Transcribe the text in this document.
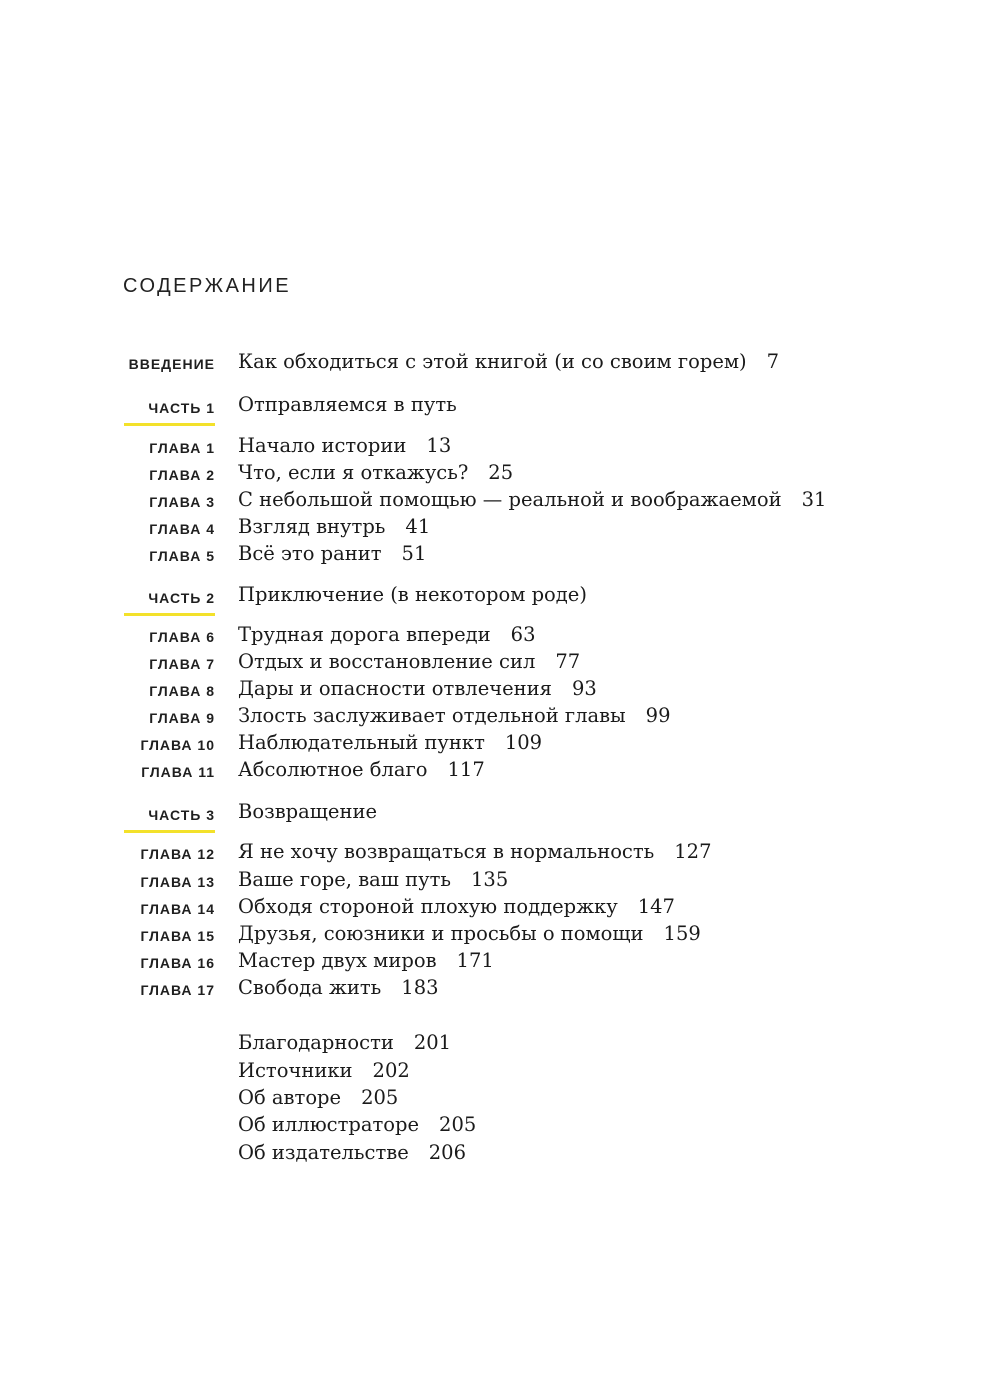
СОДЕРЖАНИЕ
ВВЕДЕНИЕ Как обходиться с этой книгой (и со своим горем) 7
ЧАСТЬ 1 Отправляемся в путь
ГЛАВА 1 Начало истории 13
ГЛАВА 2 Что, если я откажусь? 25
ГЛАВА 3 С небольшой помощью — реальной и воображаемой 31
ГЛАВА 4 Взгляд внутрь 41
ГЛАВА 5 Всё это ранит 51
ЧАСТЬ 2 Приключение (в некотором роде)
ГЛАВА 6 Трудная дорога впереди 63
ГЛАВА 7 Отдых и восстановление сил 77
ГЛАВА 8 Дары и опасности отвлечения 93
ГЛАВА 9 Злость заслуживает отдельной главы 99
ГЛАВА 10 Наблюдательный пункт 109
ГЛАВА 11 Абсолютное благо 117
ЧАСТЬ 3 Возвращение
ГЛАВА 12 Я не хочу возвращаться в нормальность 127
ГЛАВА 13 Ваше горе, ваш путь 135
ГЛАВА 14 Обходя стороной плохую поддержку 147
ГЛАВА 15 Друзья, союзники и просьбы о помощи 159
ГЛАВА 16 Мастер двух миров 171
ГЛАВА 17 Свобода жить 183
Благодарности 201
Источники 202
Об авторе 205
Об иллюстраторе 205
Об издательстве 206
